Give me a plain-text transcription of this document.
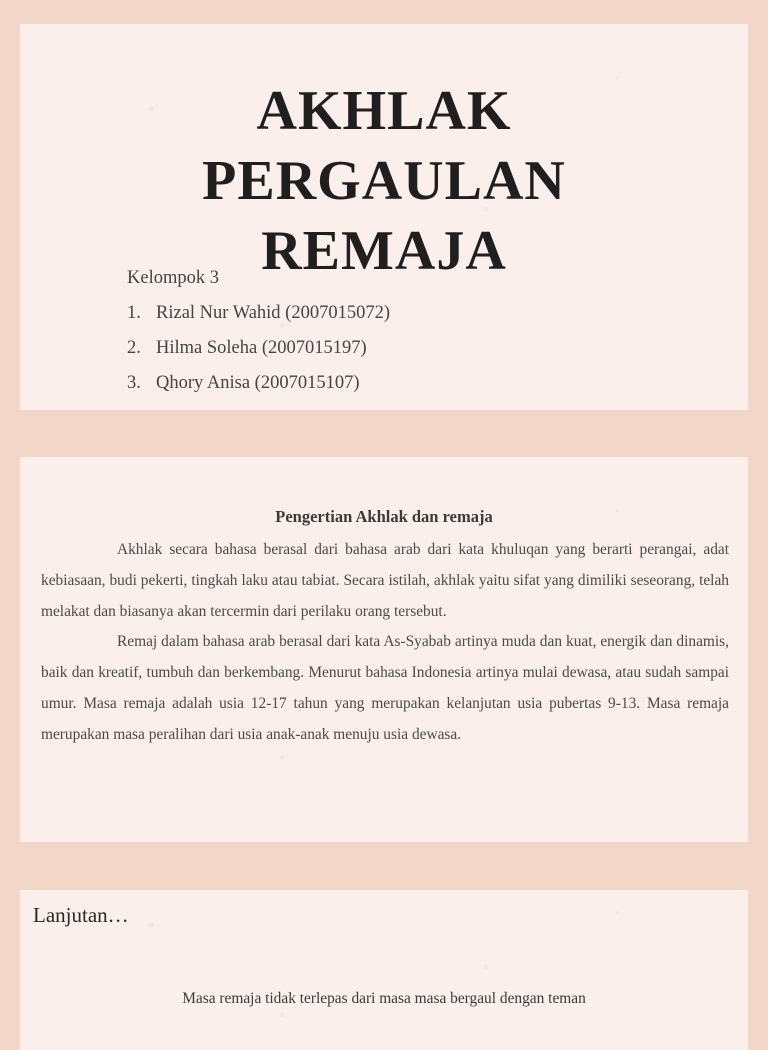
AKHLAK
PERGAULAN
REMAJA

Kelompok 3

1. Rizal Nur Wahid (2007015072)
2. Hilma Soleha (2007015197)
3. Qhory Anisa (2007015107)
Pengertian Akhlak dan remaja

Akhlak secara bahasa berasal dari bahasa arab dari kata khuluqan yang berarti perangai, adat kebiasaan, budi pekerti, tingkah laku atau tabiat. Secara istilah, akhlak yaitu sifat yang dimiliki seseorang, telah melakat dan biasanya akan tercermin dari perilaku orang tersebut.

Remaj dalam bahasa arab berasal dari kata As-Syabab artinya muda dan kuat, energik dan dinamis, baik dan kreatif, tumbuh dan berkembang. Menurut bahasa Indonesia artinya mulai dewasa, atau sudah sampai umur. Masa remaja adalah usia 12-17 tahun yang merupakan kelanjutan usia pubertas 9-13. Masa remaja merupakan masa peralihan dari usia anak-anak menuju usia dewasa.

Lanjutan…
Masa remaja tidak terlepas dari masa masa bergaul dengan teman
